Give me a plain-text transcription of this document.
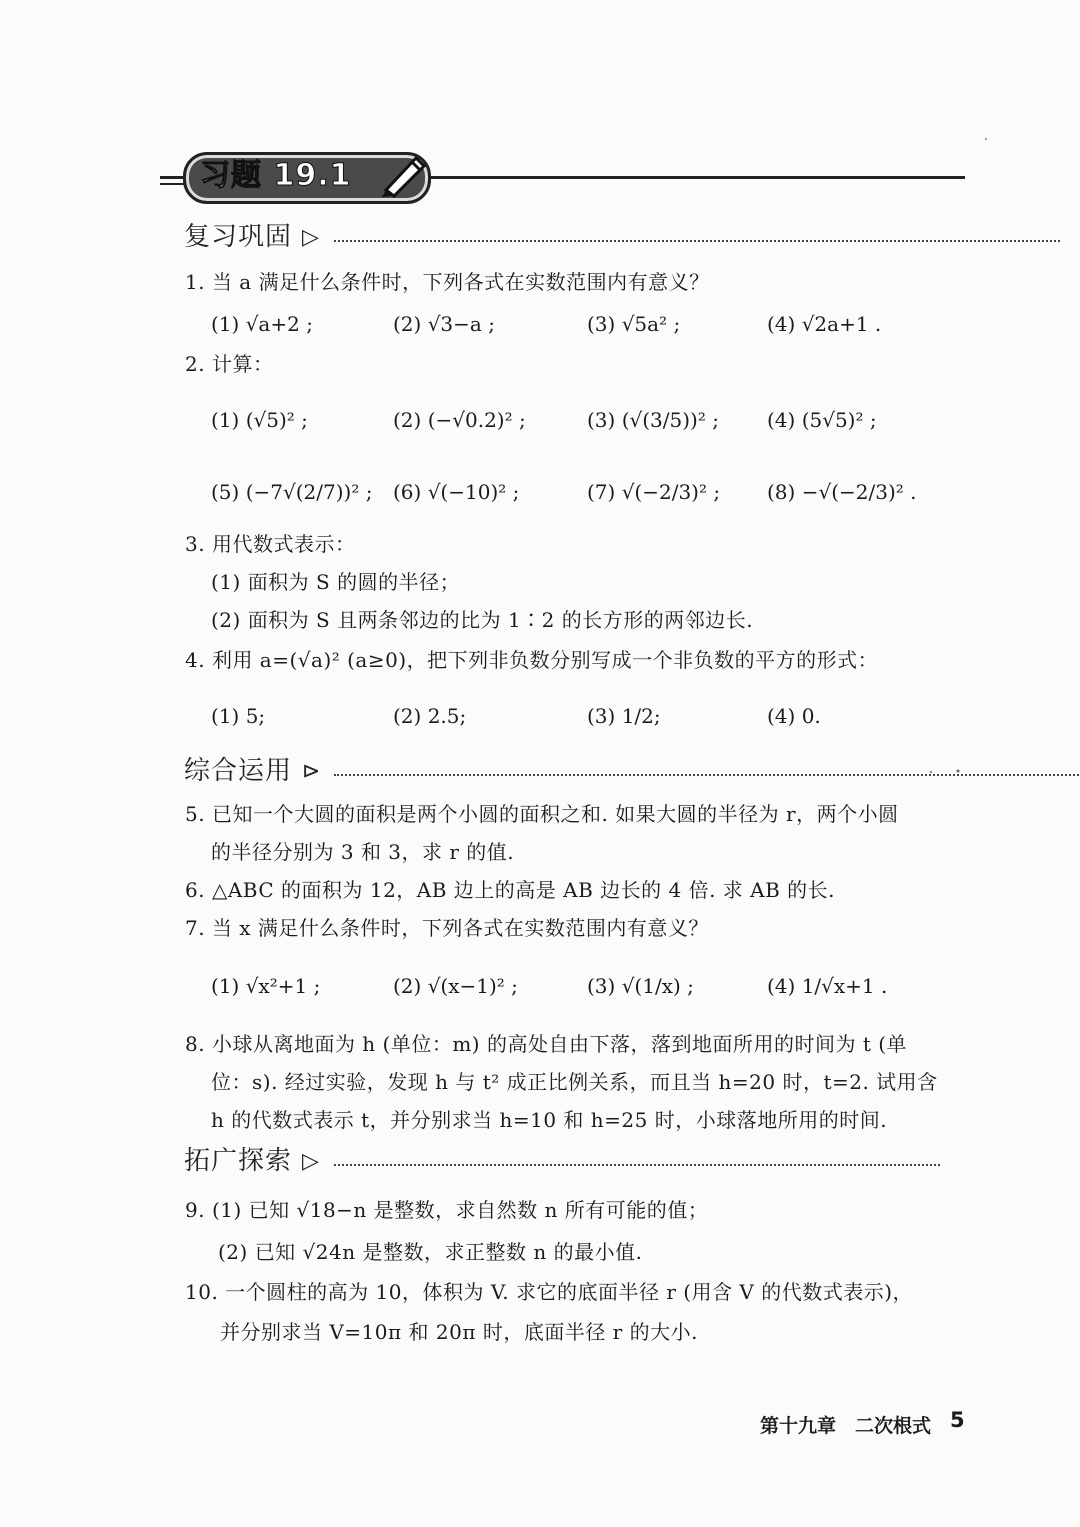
习题 19.1
复习巩固 ▷
1. 当 a 满足什么条件时，下列各式在实数范围内有意义？
(1) √a+2 ;	(2) √3−a ;	(3) √5a² ;	(4) √2a+1 .
2. 计算：
(1) (√5)² ;	(2) (−√0.2)² ;	(3) (√(3/5))² ; (4) (5√5)² ;
(5) (−7√(2/7))² ; (6) √(−10)² ;	(7) √(−2/3)² ; (8) −√(−2/3)² .
3. 用代数式表示：
(1) 面积为 S 的圆的半径；
(2) 面积为 S 且两条邻边的比为 1∶2 的长方形的两邻边长.
4. 利用 a=(√a)² (a≥0)，把下列非负数分别写成一个非负数的平方的形式：
(1) 5;	(2) 2.5;	(3) 1/2;	(4) 0.
综合运用 ⊳
5. 已知一个大圆的面积是两个小圆的面积之和. 如果大圆的半径为 r，两个小圆
的半径分别为 3 和 3，求 r 的值.
6. △ABC 的面积为 12，AB 边上的高是 AB 边长的 4 倍. 求 AB 的长.
7. 当 x 满足什么条件时，下列各式在实数范围内有意义？
(1) √x²+1 ;	(2) √(x−1)² ;	(3) √(1/x) ;	(4) 1/√x+1 .
8. 小球从离地面为 h (单位：m) 的高处自由下落，落到地面所用的时间为 t (单
位：s). 经过实验，发现 h 与 t² 成正比例关系，而且当 h=20 时，t=2. 试用含
h 的代数式表示 t，并分别求当 h=10 和 h=25 时，小球落地所用的时间.
拓广探索 ▷
9. (1) 已知 √18−n 是整数，求自然数 n 所有可能的值；
(2) 已知 √24n 是整数，求正整数 n 的最小值.
10. 一个圆柱的高为 10，体积为 V. 求它的底面半径 r (用含 V 的代数式表示)，
并分别求当 V=10π 和 20π 时，底面半径 r 的大小.
第十九章　二次根式 5
